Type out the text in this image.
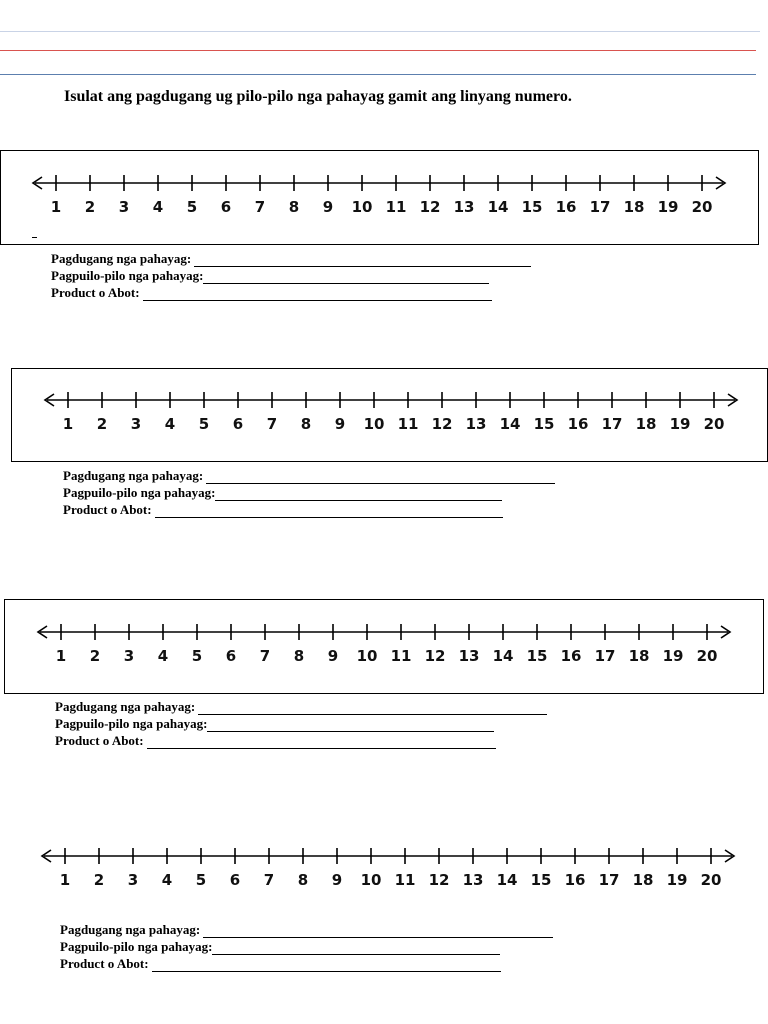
Isulat ang pagdugang ug pilo-pilo nga pahayag gamit ang linyang numero.
1 2 3 4 5 6 7 8 9 10 11 12 13 14 15 16 17 18 19 20
Pagdugang nga pahayag:
Pagpuilo-pilo nga pahayag:
Product o Abot:
1 2 3 4 5 6 7 8 9 10 11 12 13 14 15 16 17 18 19 20
Pagdugang nga pahayag:
Pagpuilo-pilo nga pahayag:
Product o Abot:
1 2 3 4 5 6 7 8 9 10 11 12 13 14 15 16 17 18 19 20
Pagdugang nga pahayag:
Pagpuilo-pilo nga pahayag:
Product o Abot:
1 2 3 4 5 6 7 8 9 10 11 12 13 14 15 16 17 18 19 20
Pagdugang nga pahayag:
Pagpuilo-pilo nga pahayag:
Product o Abot:
